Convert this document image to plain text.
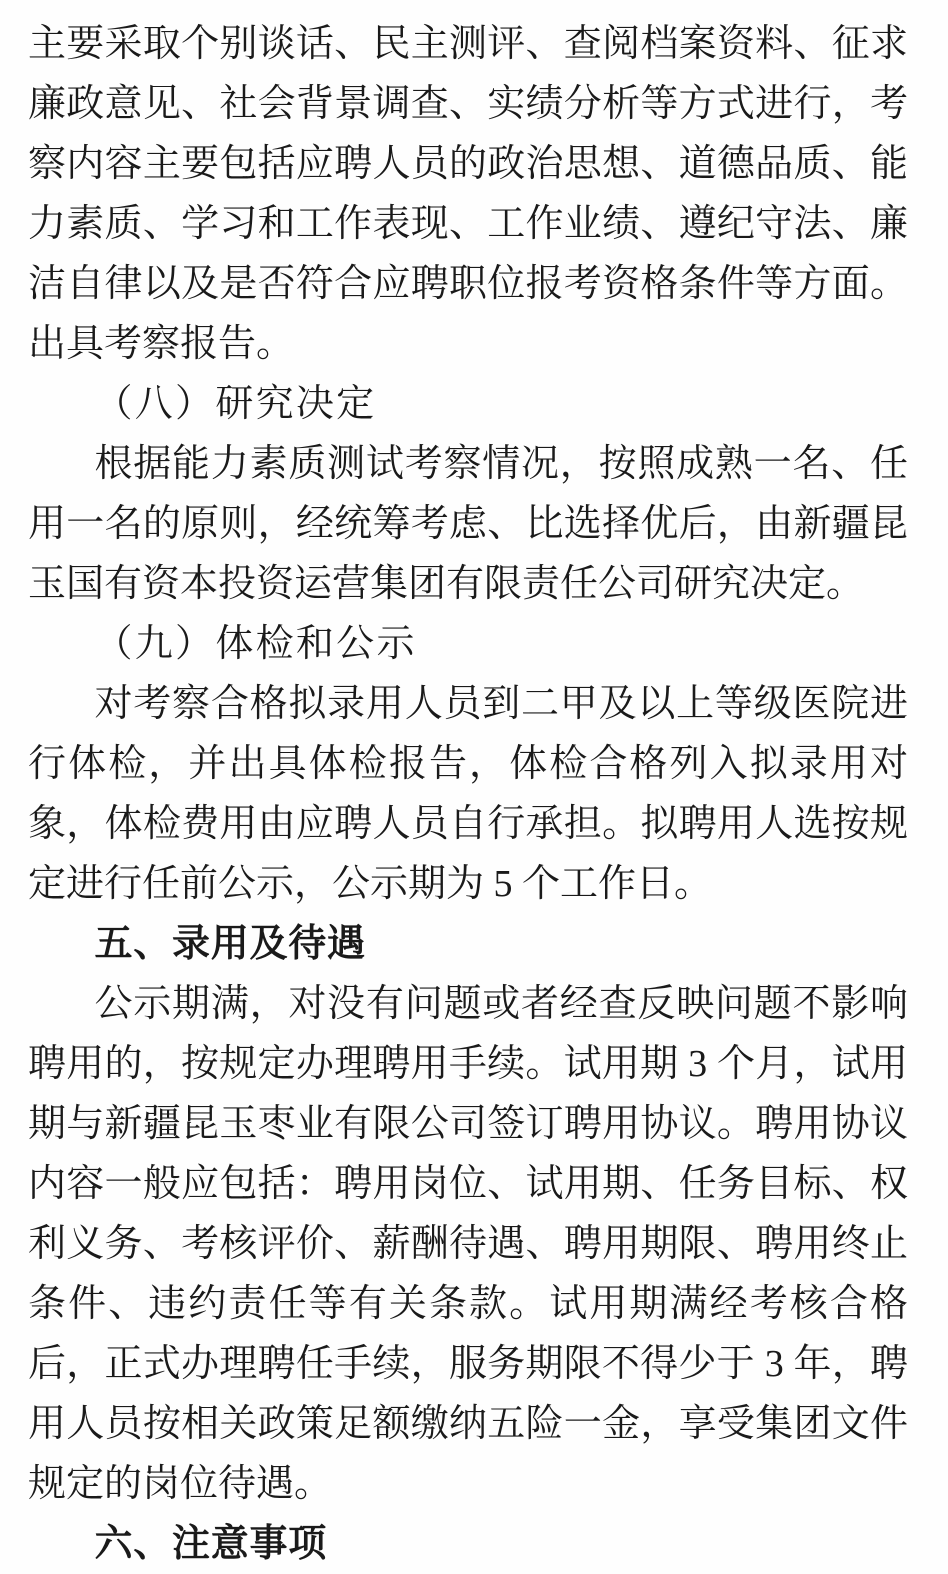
主要采取个别谈话、民主测评、查阅档案资料、征求廉政意见、社会背景调查、实绩分析等方式进行，考察内容主要包括应聘人员的政治思想、道德品质、能力素质、学习和工作表现、工作业绩、遵纪守法、廉洁自律以及是否符合应聘职位报考资格条件等方面。出具考察报告。

（八）研究决定

根据能力素质测试考察情况，按照成熟一名、任用一名的原则，经统筹考虑、比选择优后，由新疆昆玉国有资本投资运营集团有限责任公司研究决定。

（九）体检和公示

对考察合格拟录用人员到二甲及以上等级医院进行体检，并出具体检报告，体检合格列入拟录用对象，体检费用由应聘人员自行承担。拟聘用人选按规定进行任前公示，公示期为 5 个工作日。

五、录用及待遇

公示期满，对没有问题或者经查反映问题不影响聘用的，按规定办理聘用手续。试用期 3 个月，试用期与新疆昆玉枣业有限公司签订聘用协议。聘用协议内容一般应包括：聘用岗位、试用期、任务目标、权利义务、考核评价、薪酬待遇、聘用期限、聘用终止条件、违约责任等有关条款。试用期满经考核合格后，正式办理聘任手续，服务期限不得少于 3 年，聘用人员按相关政策足额缴纳五险一金，享受集团文件规定的岗位待遇。

六、注意事项
